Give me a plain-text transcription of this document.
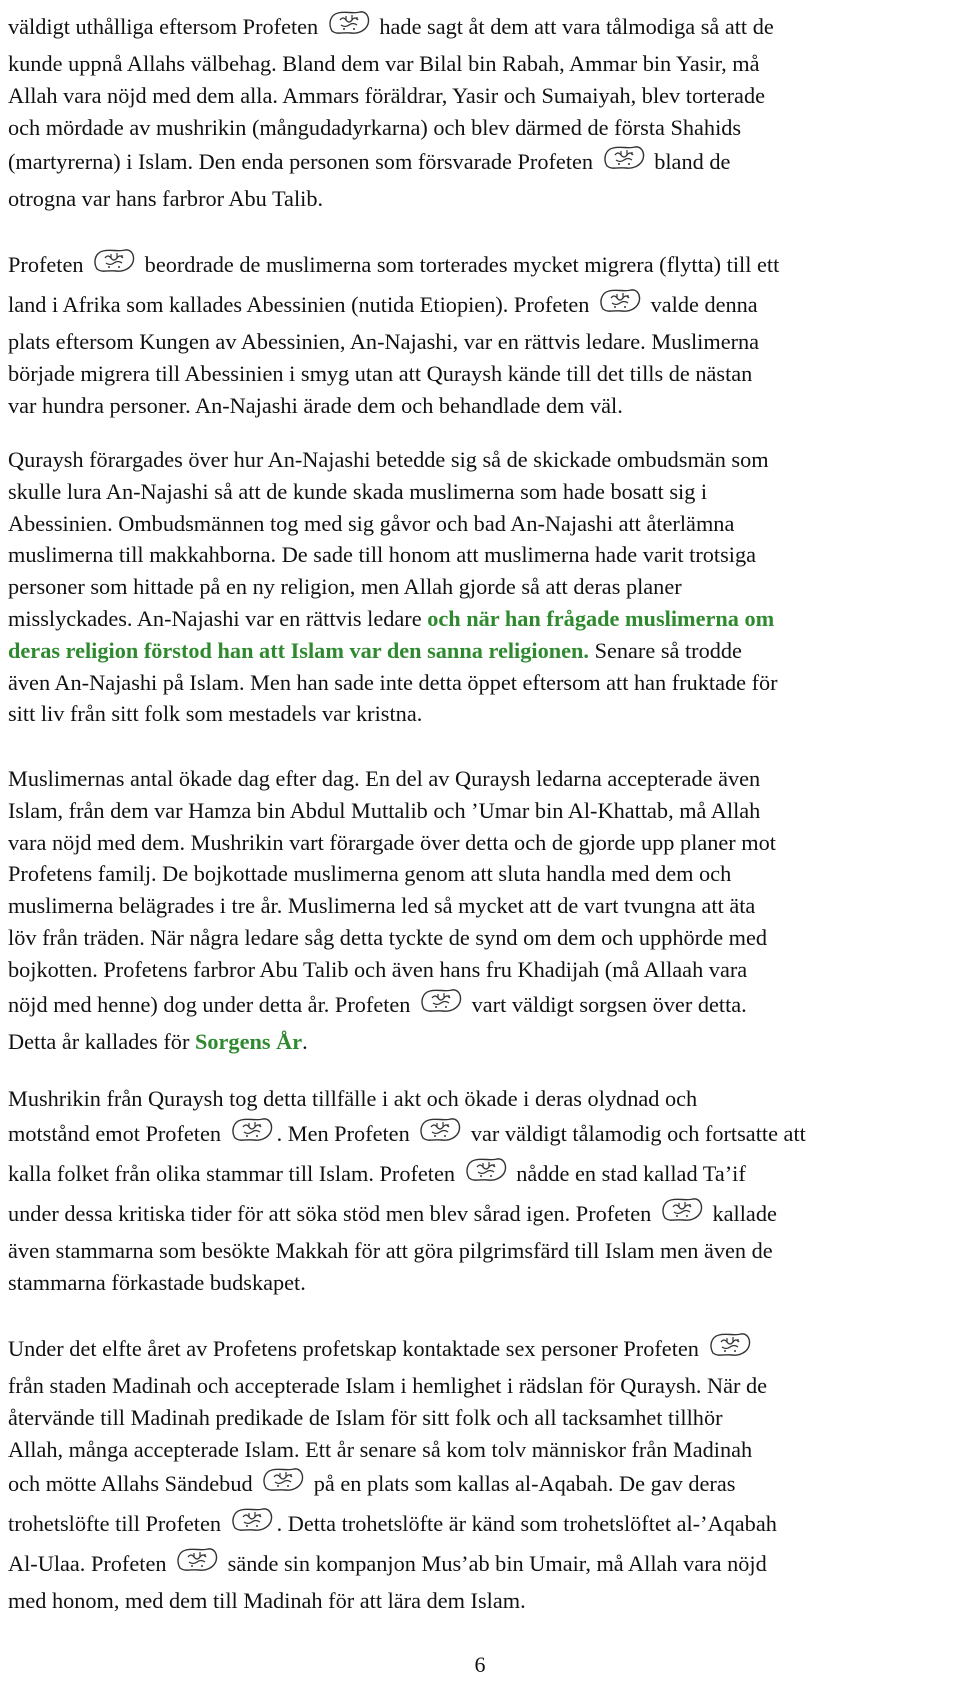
väldigt uthålliga eftersom Profeten
hade sagt åt dem att vara tålmodiga så att de
kunde uppnå Allahs välbehag. Bland dem var Bilal bin Rabah, Ammar bin Yasir, må
Allah vara nöjd med dem alla. Ammars föräldrar, Yasir och Sumaiyah, blev torterade
och mördade av mushrikin (mångudadyrkarna) och blev därmed de första Shahids
(martyrerna) i Islam. Den enda personen som försvarade Profeten
bland de
otrogna var hans farbror Abu Talib.

Profeten
beordrade de muslimerna som torterades mycket migrera (flytta) till ett
land i Afrika som kallades Abessinien (nutida Etiopien). Profeten
valde denna
plats eftersom Kungen av Abessinien, An-Najashi, var en rättvis ledare. Muslimerna
började migrera till Abessinien i smyg utan att Quraysh kände till det tills de nästan
var hundra personer. An-Najashi ärade dem och behandlade dem väl.

Quraysh förargades över hur An-Najashi betedde sig så de skickade ombudsmän som
skulle lura An-Najashi så att de kunde skada muslimerna som hade bosatt sig i
Abessinien. Ombudsmännen tog med sig gåvor och bad An-Najashi att återlämna
muslimerna till makkahborna. De sade till honom att muslimerna hade varit trotsiga
personer som hittade på en ny religion, men Allah gjorde så att deras planer
misslyckades. An-Najashi var en rättvis ledare och när han frågade muslimerna om
deras religion förstod han att Islam var den sanna religionen. Senare så trodde
även An-Najashi på Islam. Men han sade inte detta öppet eftersom att han fruktade för
sitt liv från sitt folk som mestadels var kristna.

Muslimernas antal ökade dag efter dag. En del av Quraysh ledarna accepterade även
Islam, från dem var Hamza bin Abdul Muttalib och ’Umar bin Al-Khattab, må Allah
vara nöjd med dem. Mushrikin vart förargade över detta och de gjorde upp planer mot
Profetens familj. De bojkottade muslimerna genom att sluta handla med dem och
muslimerna belägrades i tre år. Muslimerna led så mycket att de vart tvungna att äta
löv från träden. När några ledare såg detta tyckte de synd om dem och upphörde med
bojkotten. Profetens farbror Abu Talib och även hans fru Khadijah (må Allaah vara
nöjd med henne) dog under detta år. Profeten
vart väldigt sorgsen över detta.
Detta år kallades för Sorgens År.

Mushrikin från Quraysh tog detta tillfälle i akt och ökade i deras olydnad och
motstånd emot Profeten
. Men Profeten
var väldigt tålamodig och fortsatte att
kalla folket från olika stammar till Islam. Profeten
nådde en stad kallad Ta’if
under dessa kritiska tider för att söka stöd men blev sårad igen. Profeten
kallade
även stammarna som besökte Makkah för att göra pilgrimsfärd till Islam men även de
stammarna förkastade budskapet.

Under det elfte året av Profetens profetskap kontaktade sex personer Profeten
från staden Madinah och accepterade Islam i hemlighet i rädslan för Quraysh. När de
återvände till Madinah predikade de Islam för sitt folk och all tacksamhet tillhör
Allah, många accepterade Islam. Ett år senare så kom tolv människor från Madinah
och mötte Allahs Sändebud
på en plats som kallas al-Aqabah. De gav deras
trohetslöfte till Profeten
. Detta trohetslöfte är känd som trohetslöftet al-’Aqabah
Al-Ulaa. Profeten
sände sin kompanjon Mus’ab bin Umair, må Allah vara nöjd
med honom, med dem till Madinah för att lära dem Islam.

6
